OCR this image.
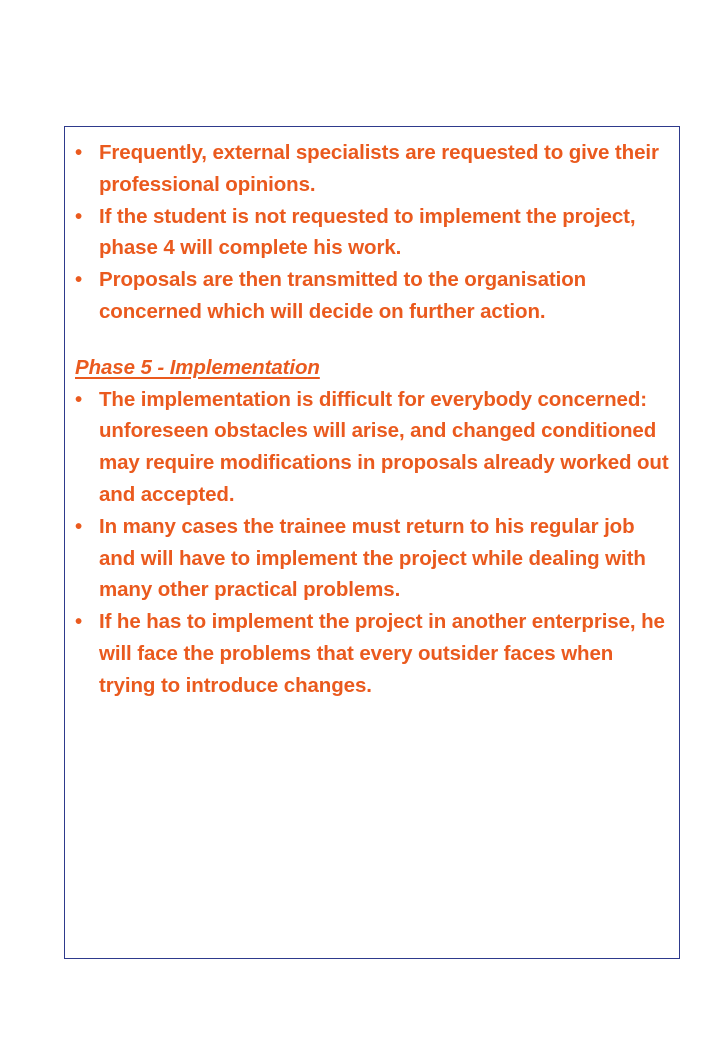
• Frequently, external specialists are requested to give their professional opinions.
• If the student is not requested to implement the project, phase 4 will complete his work.
• Proposals are then transmitted to the organisation concerned which will decide on further action.
Phase 5 - Implementation
• The implementation is difficult for everybody concerned: unforeseen obstacles will arise, and changed conditioned may require modifications in proposals already worked out and accepted.
• In many cases the trainee must return to his regular job and will have to implement the project while dealing with many other practical problems.
• If he has to implement the project in another enterprise, he will face the problems that every outsider faces when trying to introduce changes.
